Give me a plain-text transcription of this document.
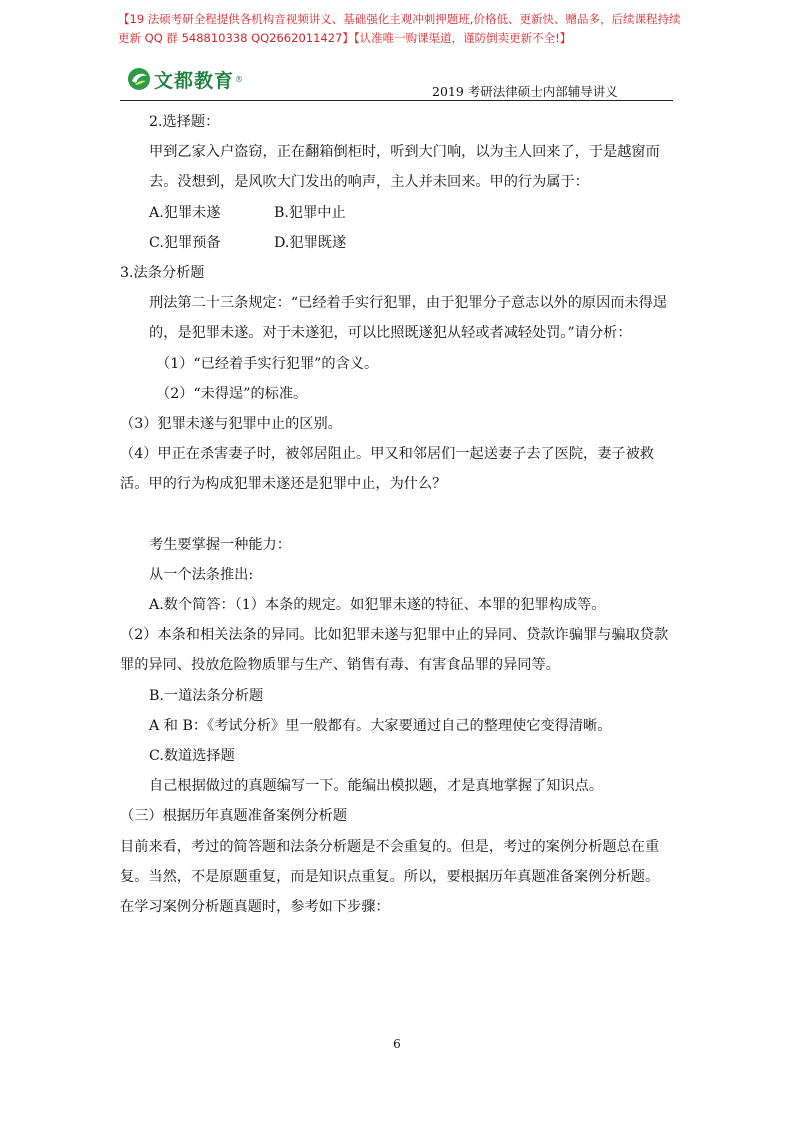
【19 法硕考研全程提供各机构音视频讲义、基础强化主观冲刺押题班,价格低、更新快、赠品多，后续课程持续更新 QQ 群 548810338 QQ2662011427】【认准唯一购课渠道，谨防倒卖更新不全!】
文都教育 ®
2019 考研法律硕士内部辅导讲义

2.选择题：

甲到乙家入户盗窃，正在翻箱倒柜时，听到大门响，以为主人回来了，于是越窗而去。没想到，是风吹大门发出的响声，主人并未回来。甲的行为属于：

A.犯罪未遂	B.犯罪中止

C.犯罪预备	D.犯罪既遂

3.法条分析题

刑法第二十三条规定：“已经着手实行犯罪，由于犯罪分子意志以外的原因而未得逞的，是犯罪未遂。对于未遂犯，可以比照既遂犯从轻或者减轻处罚。”请分析：

（1）“已经着手实行犯罪”的含义。

（2）“未得逞”的标准。

（3）犯罪未遂与犯罪中止的区别。

（4）甲正在杀害妻子时，被邻居阻止。甲又和邻居们一起送妻子去了医院，妻子被救活。甲的行为构成犯罪未遂还是犯罪中止，为什么？

考生要掌握一种能力：

从一个法条推出:

A.数个简答：（1）本条的规定。如犯罪未遂的特征、本罪的犯罪构成等。

（2）本条和相关法条的异同。比如犯罪未遂与犯罪中止的异同、贷款诈骗罪与骗取贷款罪的异同、投放危险物质罪与生产、销售有毒、有害食品罪的异同等。

B.一道法条分析题

A 和 B：《考试分析》里一般都有。大家要通过自己的整理使它变得清晰。

C.数道选择题

自己根据做过的真题编写一下。能编出模拟题，才是真地掌握了知识点。

（三）根据历年真题准备案例分析题

目前来看，考过的简答题和法条分析题是不会重复的。但是，考过的案例分析题总在重复。当然，不是原题重复，而是知识点重复。所以，要根据历年真题准备案例分析题。

在学习案例分析题真题时，参考如下步骤：

6
